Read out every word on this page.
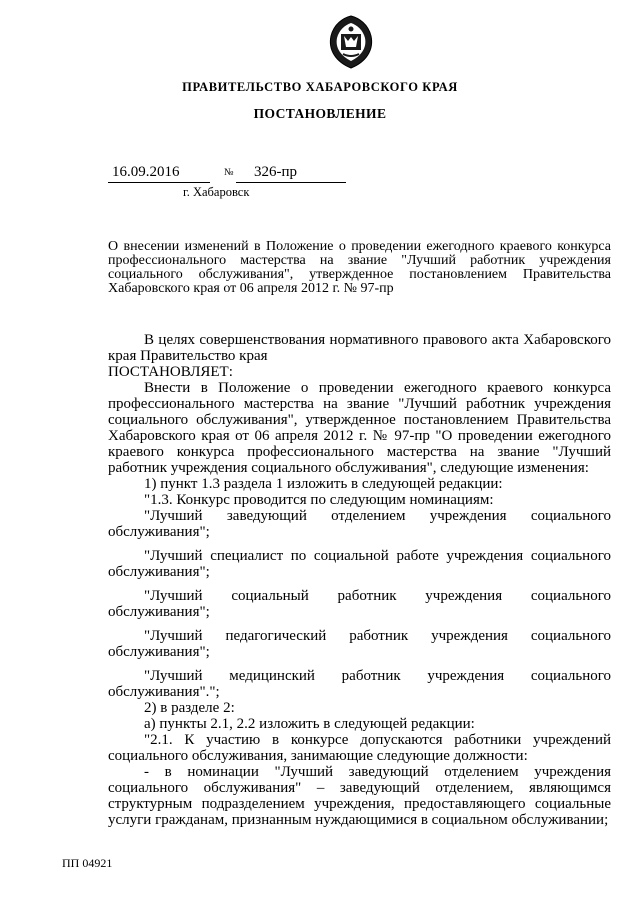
ПРАВИТЕЛЬСТВО ХАБАРОВСКОГО КРАЯ
ПОСТАНОВЛЕНИЕ
16.09.2016	№	326-пр
г. Хабаровск
О внесении изменений в Положение о проведении ежегодного краевого конкурса профессионального мастерства на звание "Лучший работник учреждения социального обслуживания", утвержденное постановлением Правительства Хабаровского края от 06 апреля 2012 г. № 97-пр

В целях совершенствования нормативного правового акта Хабаровского края Правительство края

ПОСТАНОВЛЯЕТ:

Внести в Положение о проведении ежегодного краевого конкурса профессионального мастерства на звание "Лучший работник учреждения социального обслуживания", утвержденное постановлением Правительства Хабаровского края от 06 апреля 2012 г. № 97-пр "О проведении ежегодного краевого конкурса профессионального мастерства на звание "Лучший работник учреждения социального обслуживания", следующие изменения:

1) пункт 1.3 раздела 1 изложить в следующей редакции:

"1.3. Конкурс проводится по следующим номинациям:

"Лучший заведующий отделением учреждения социального обслуживания";

"Лучший специалист по социальной работе учреждения социального обслуживания";

"Лучший социальный работник учреждения социального обслуживания";

"Лучший педагогический работник учреждения социального обслуживания";

"Лучший медицинский работник учреждения социального обслуживания".";

2) в разделе 2:

а) пункты 2.1, 2.2 изложить в следующей редакции:

"2.1. К участию в конкурсе допускаются работники учреждений социального обслуживания, занимающие следующие должности:

- в номинации "Лучший заведующий отделением учреждения социального обслуживания" – заведующий отделением, являющимся структурным подразделением учреждения, предоставляющего социальные услуги гражданам, признанным нуждающимися в социальном обслуживании;

ПП 04921
